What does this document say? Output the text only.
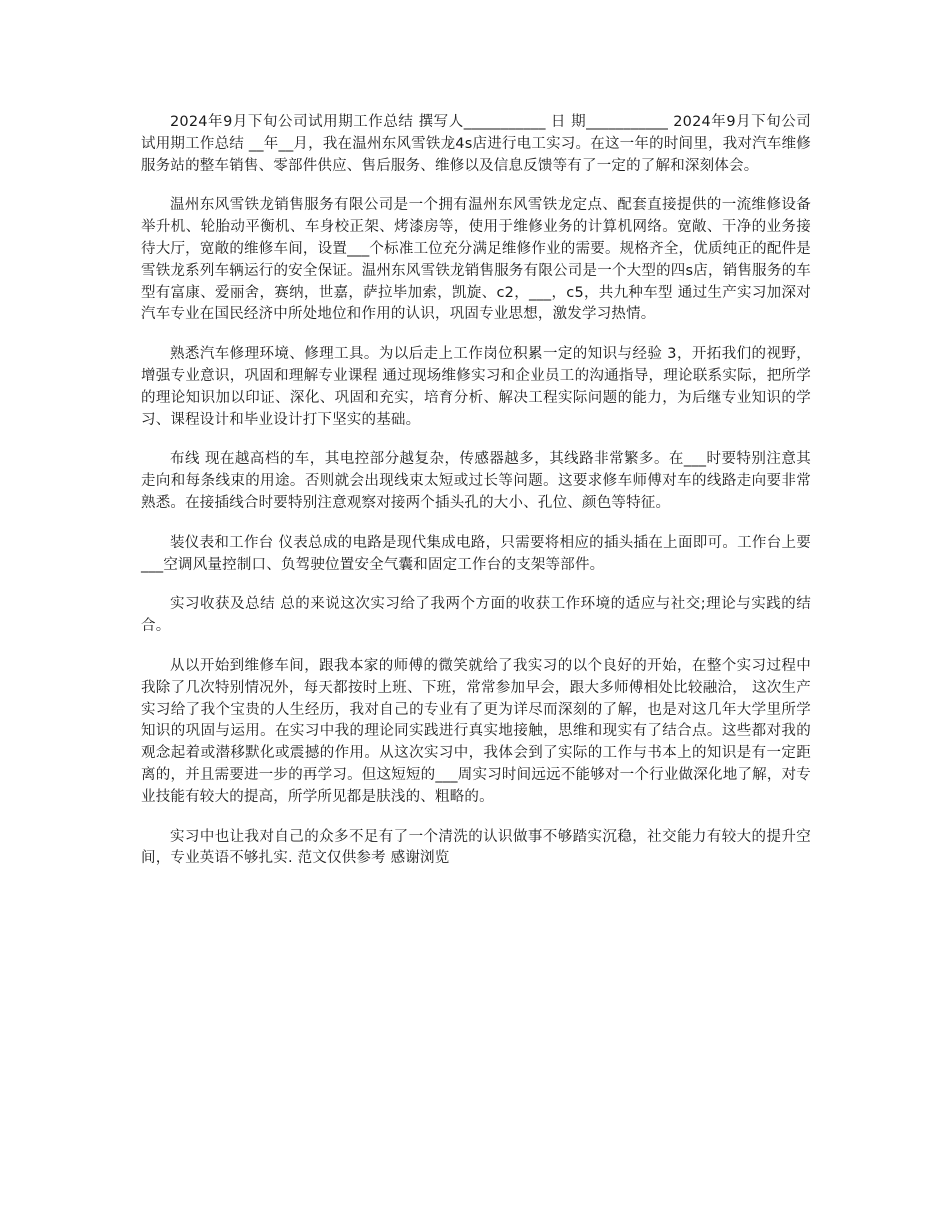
2024年9月下旬公司试用期工作总结 撰写人___________ 日 期___________ 2024年9月下旬公司试用期工作总结 __年__月，我在温州东风雪铁龙4s店进行电工实习。在这一年的时间里，我对汽车维修服务站的整车销售、零部件供应、售后服务、维修以及信息反馈等有了一定的了解和深刻体会。

温州东风雪铁龙销售服务有限公司是一个拥有温州东风雪铁龙定点、配套直接提供的一流维修设备举升机、轮胎动平衡机、车身校正架、烤漆房等，使用于维修业务的计算机网络。宽敞、干净的业务接待大厅，宽敞的维修车间，设置___个标准工位充分满足维修作业的需要。规格齐全，优质纯正的配件是雪铁龙系列车辆运行的安全保证。温州东风雪铁龙销售服务有限公司是一个大型的四s店，销售服务的车型有富康、爱丽舍，赛纳，世嘉，萨拉毕加索，凯旋、c2，___，c5，共九种车型 通过生产实习加深对汽车专业在国民经济中所处地位和作用的认识，巩固专业思想，激发学习热情。

熟悉汽车修理环境、修理工具。为以后走上工作岗位积累一定的知识与经验 3，开拓我们的视野，增强专业意识，巩固和理解专业课程 通过现场维修实习和企业员工的沟通指导，理论联系实际，把所学的理论知识加以印证、深化、巩固和充实，培育分析、解决工程实际问题的能力，为后继专业知识的学习、课程设计和毕业设计打下坚实的基础。

布线 现在越高档的车，其电控部分越复杂，传感器越多，其线路非常繁多。在___时要特别注意其走向和每条线束的用途。否则就会出现线束太短或过长等问题。这要求修车师傅对车的线路走向要非常熟悉。在接插线合时要特别注意观察对接两个插头孔的大小、孔位、颜色等特征。

装仪表和工作台 仪表总成的电路是现代集成电路，只需要将相应的插头插在上面即可。工作台上要___空调风量控制口、负驾驶位置安全气囊和固定工作台的支架等部件。

实习收获及总结 总的来说这次实习给了我两个方面的收获工作环境的适应与社交;理论与实践的结合。

从以开始到维修车间，跟我本家的师傅的微笑就给了我实习的以个良好的开始，在整个实习过程中我除了几次特别情况外，每天都按时上班、下班，常常参加早会，跟大多师傅相处比较融洽， 这次生产实习给了我个宝贵的人生经历，我对自己的专业有了更为详尽而深刻的了解，也是对这几年大学里所学知识的巩固与运用。在实习中我的理论同实践进行真实地接触，思维和现实有了结合点。这些都对我的观念起着或潜移默化或震撼的作用。从这次实习中，我体会到了实际的工作与书本上的知识是有一定距离的，并且需要进一步的再学习。但这短短的___周实习时间远远不能够对一个行业做深化地了解，对专业技能有较大的提高，所学所见都是肤浅的、粗略的。

实习中也让我对自己的众多不足有了一个清洗的认识做事不够踏实沉稳，社交能力有较大的提升空间，专业英语不够扎实. 范文仅供参考 感谢浏览
